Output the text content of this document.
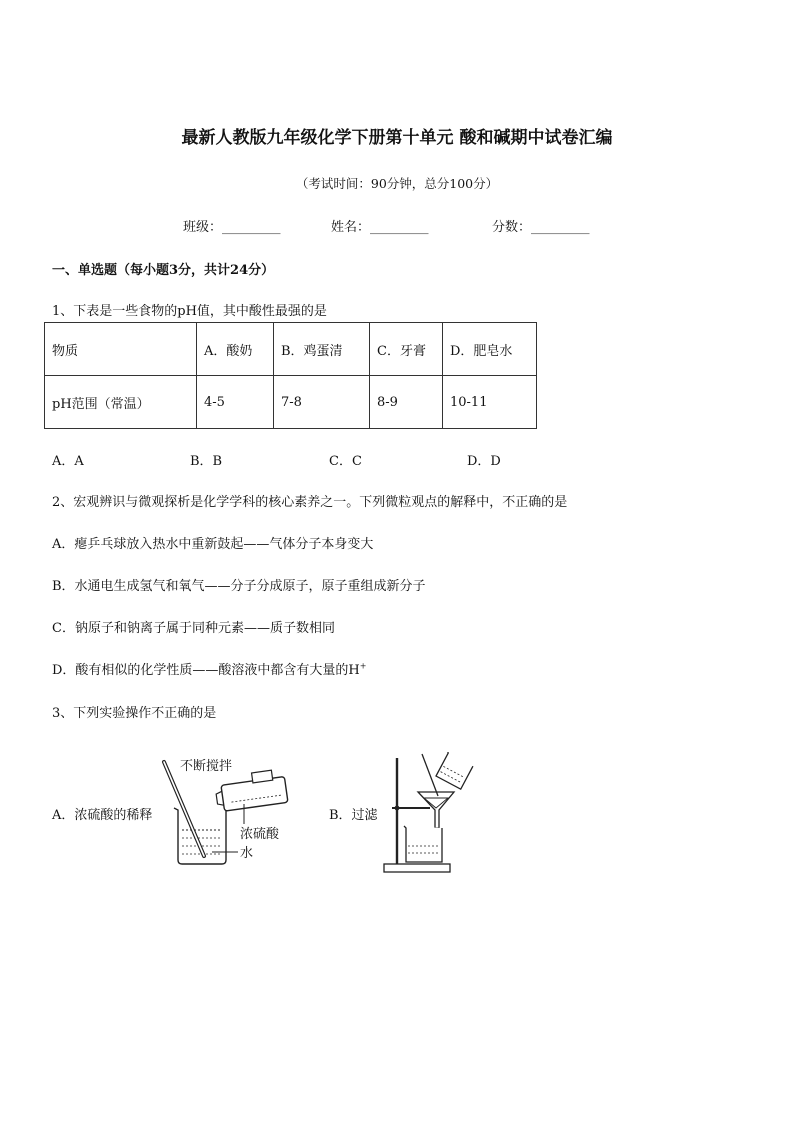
最新人教版九年级化学下册第十单元 酸和碱期中试卷汇编
（考试时间：90分钟，总分100分）
班级：_________	姓名：_________	分数：_________
一、单选题（每小题3分，共计24分）
1、下表是一些食物的pH值，其中酸性最强的是
物质	A．酸奶	B．鸡蛋清	C．牙膏	D．肥皂水
pH范围（常温）	4-5	7-8	8-9	10-11
A．A	B．B	C．C	D．D
2、宏观辨识与微观探析是化学学科的核心素养之一。下列微粒观点的解释中，不正确的是
A．瘪乒乓球放入热水中重新鼓起——气体分子本身变大
B．水通电生成氢气和氧气——分子分成原子，原子重组成新分子
C．钠原子和钠离子属于同种元素——质子数相同
D．酸有相似的化学性质——酸溶液中都含有大量的H+
3、下列实验操作不正确的是
A．浓硫酸的稀释	B．过滤
不断搅拌
浓硫酸
水
